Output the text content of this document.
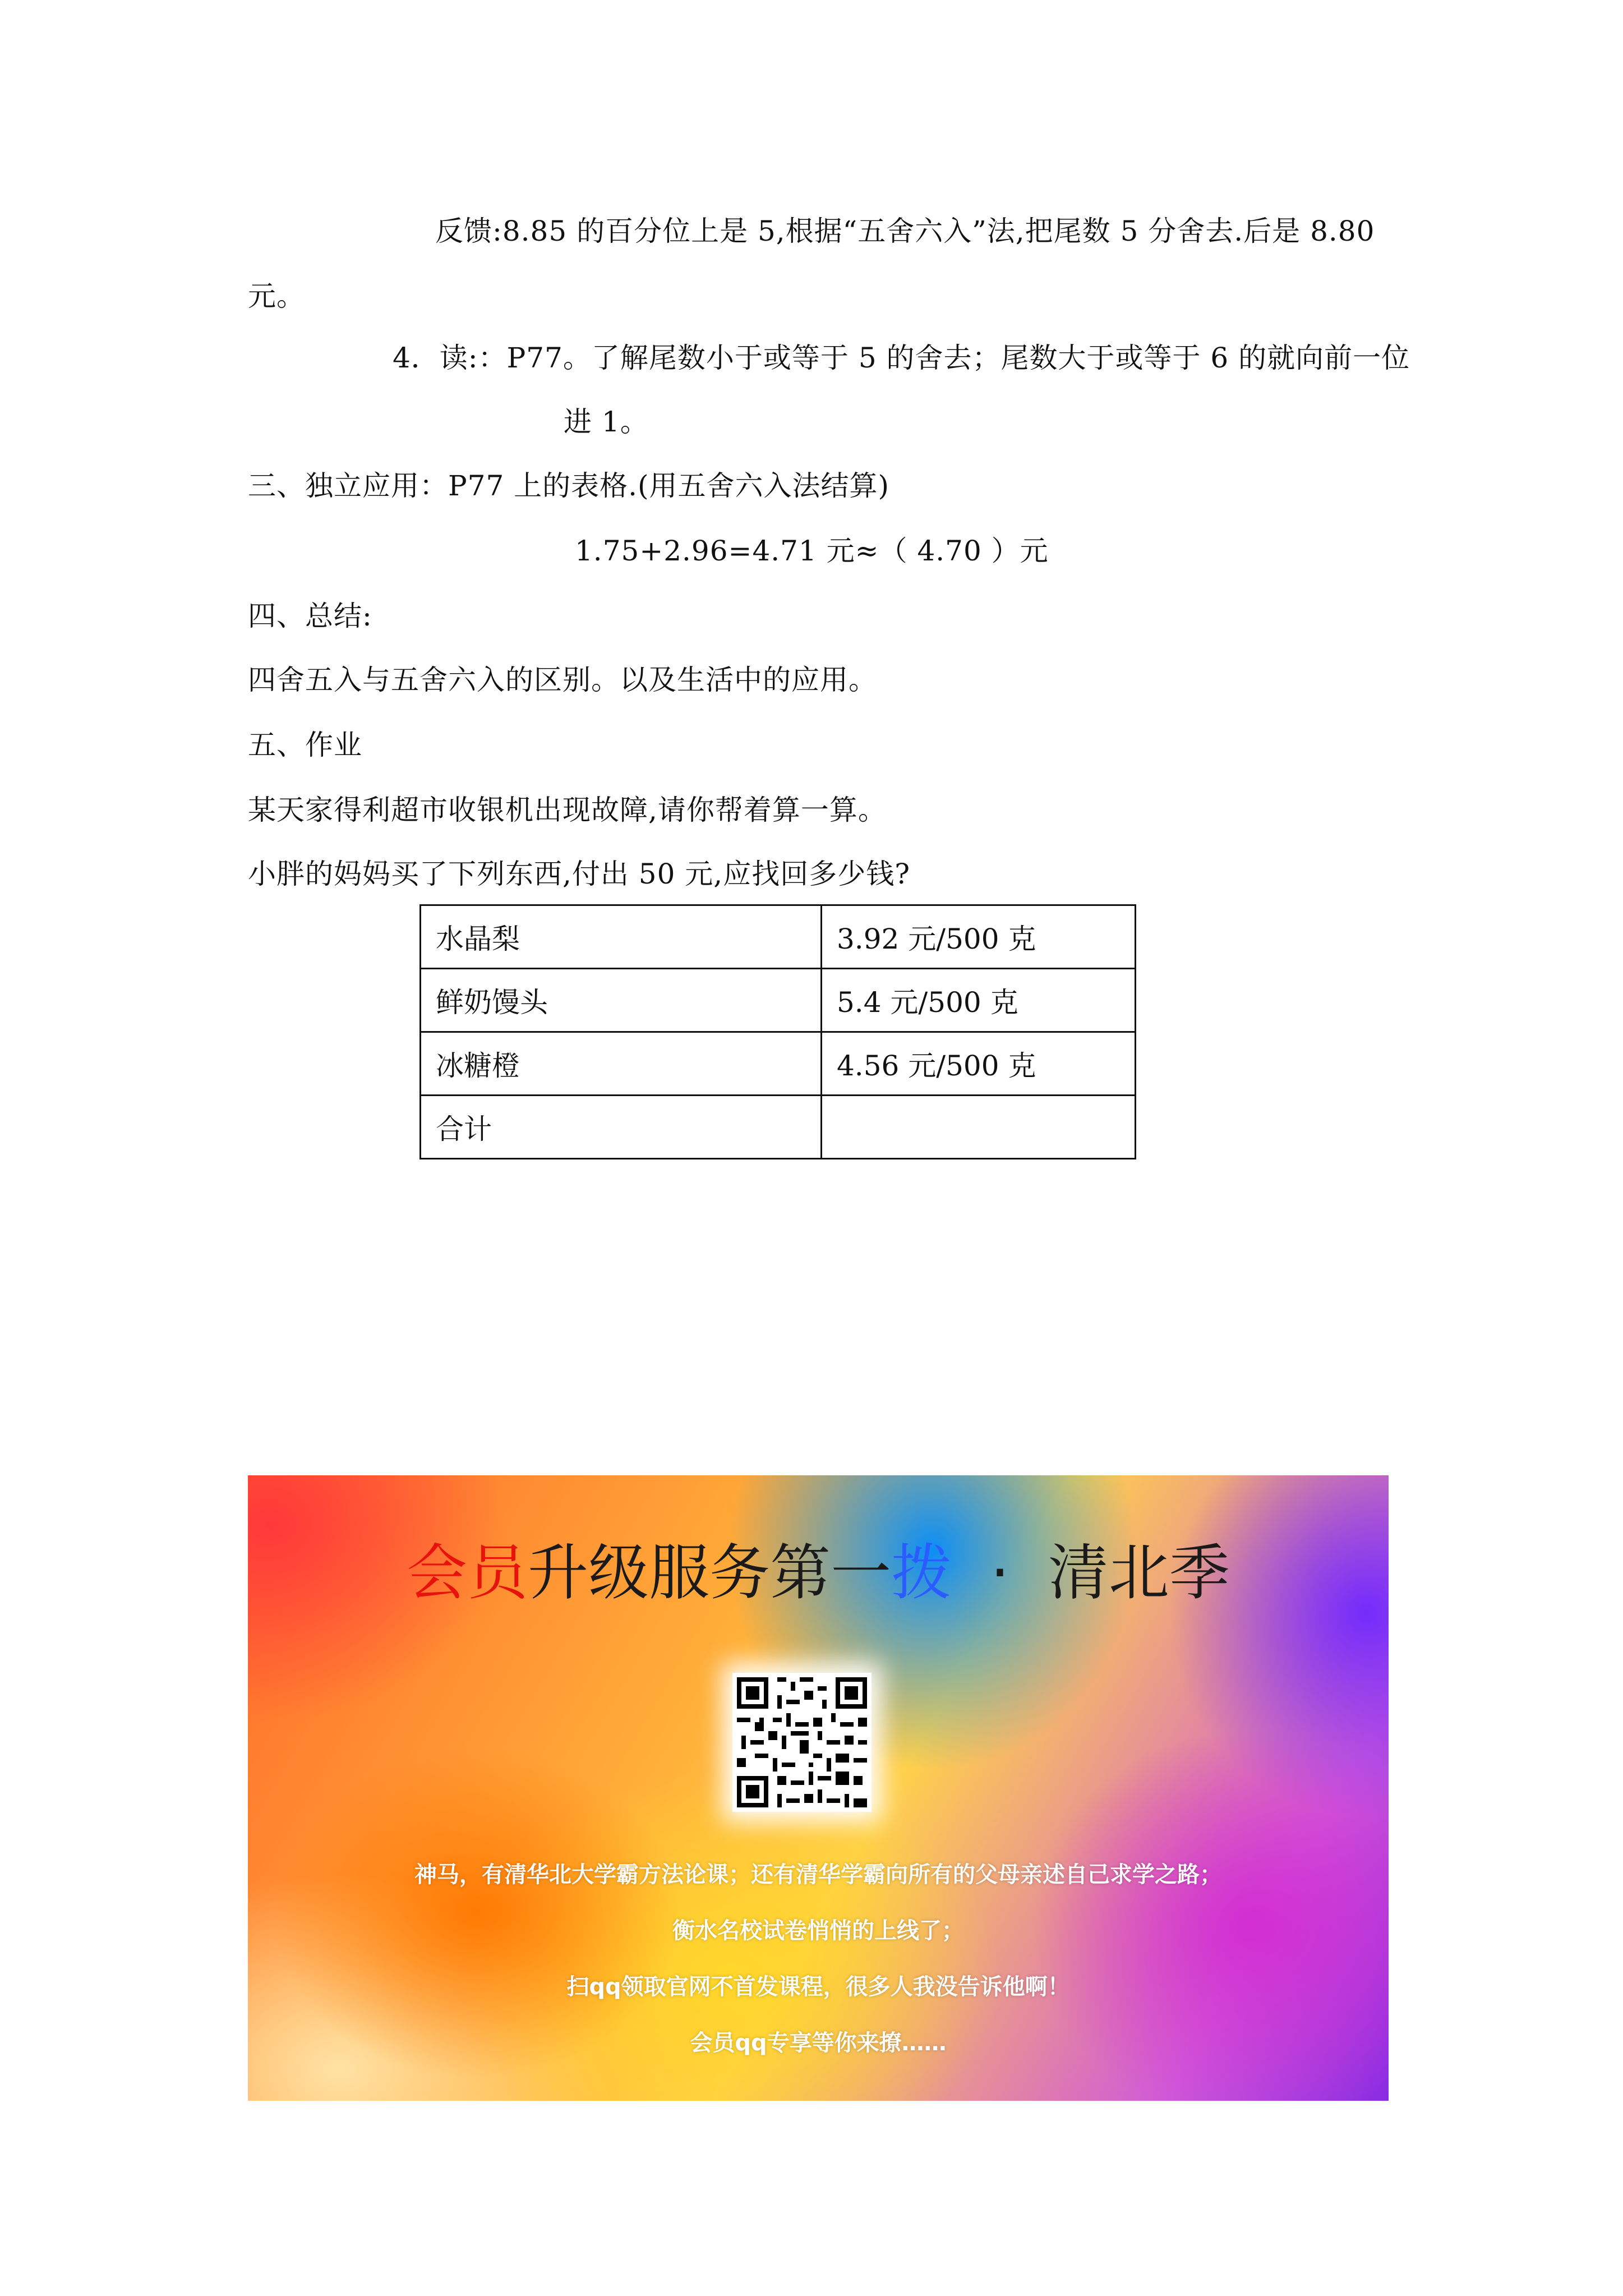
反馈:8.85 的百分位上是 5,根据“五舍六入”法,把尾数 5 分舍去.后是 8.80
元。
4．读:：P77。了解尾数小于或等于 5 的舍去；尾数大于或等于 6 的就向前一位
进 1。
三、独立应用：P77 上的表格.(用五舍六入法结算)
1.75+2.96=4.71 元≈（ 4.70 ）元
四、总结:
四舍五入与五舍六入的区别。以及生活中的应用。
五、作业
某天家得利超市收银机出现故障,请你帮着算一算。
小胖的妈妈买了下列东西,付出 50 元,应找回多少钱?
水晶梨	3.92 元/500 克
鲜奶馒头	5.4 元/500 克
冰糖橙	4.56 元/500 克
合计	
会员升级服务第一拨  ·  清北季
神马，有清华北大学霸方法论课；还有清华学霸向所有的父母亲述自己求学之路；
衡水名校试卷悄悄的上线了；
扫qq领取官网不首发课程，很多人我没告诉他啊！
会员qq专享等你来撩……
